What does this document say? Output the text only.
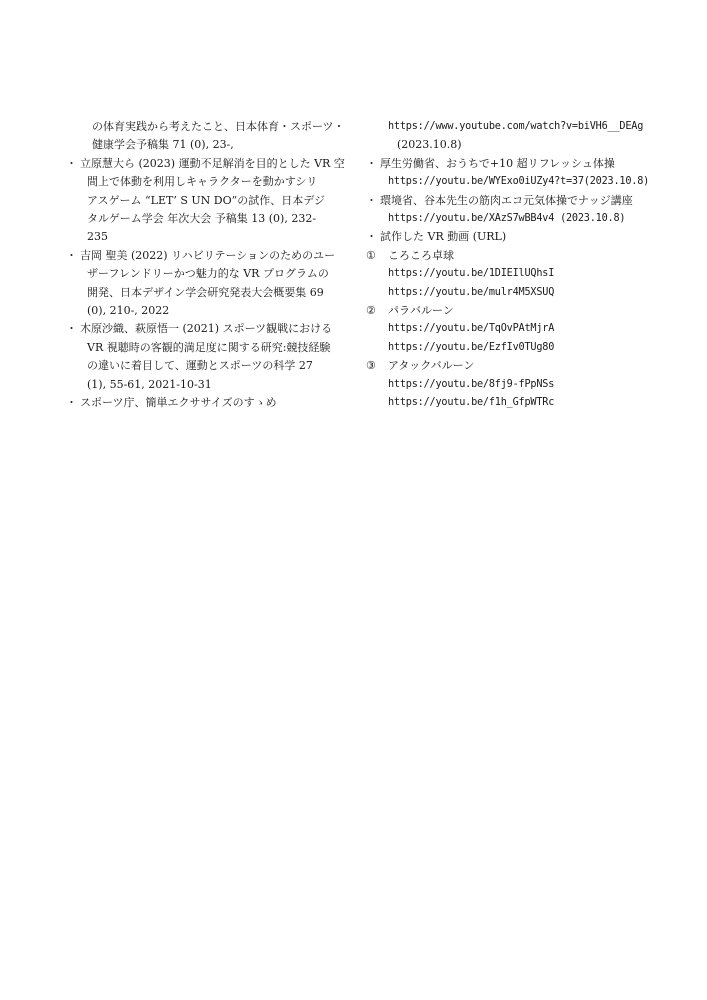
の体育実践から考えたこと、日本体育・スポーツ・

健康学会予稿集 71 (0), 23-,

・ 立原慧大ら (2023) 運動不足解消を目的とした VR 空

間上で体動を利用しキャラクターを動かすシリ

アスゲーム “LET’ S UN DO”の試作、日本デジ

タルゲーム学会 年次大会 予稿集 13 (0), 232-

235

・ 吉岡 聖美 (2022) リハビリテーションのためのユー

ザーフレンドリーかつ魅力的な VR プログラムの

開発、日本デザイン学会研究発表大会概要集 69

(0), 210-, 2022

・ 木原沙織、萩原悟一 (2021) スポーツ観戦における

VR 視聴時の客観的満足度に関する研究:競技経験

の違いに着目して、運動とスポーツの科学 27

(1), 55-61, 2021-10-31

・ スポーツ庁、簡単エクササイズのすゝめ

https://www.youtube.com/watch?v=biVH6__DEAg

(2023.10.8)

・ 厚生労働省、おうちで+10 超リフレッシュ体操

https://youtu.be/WYExo0iUZy4?t=37(2023.10.8)

・ 環境省、谷本先生の筋肉エコ元気体操でナッジ講座

https://youtu.be/XAzS7wBB4v4 (2023.10.8)

・ 試作した VR 動画 (URL)

① ころころ卓球

https://youtu.be/1DIEIlUQhsI

https://youtu.be/mulr4M5XSUQ

② パラバルーン

https://youtu.be/TqOvPAtMjrA

https://youtu.be/EzfIv0TUg80

③ アタックバルーン

https://youtu.be/8fj9-fPpNSs

https://youtu.be/f1h_GfpWTRc
